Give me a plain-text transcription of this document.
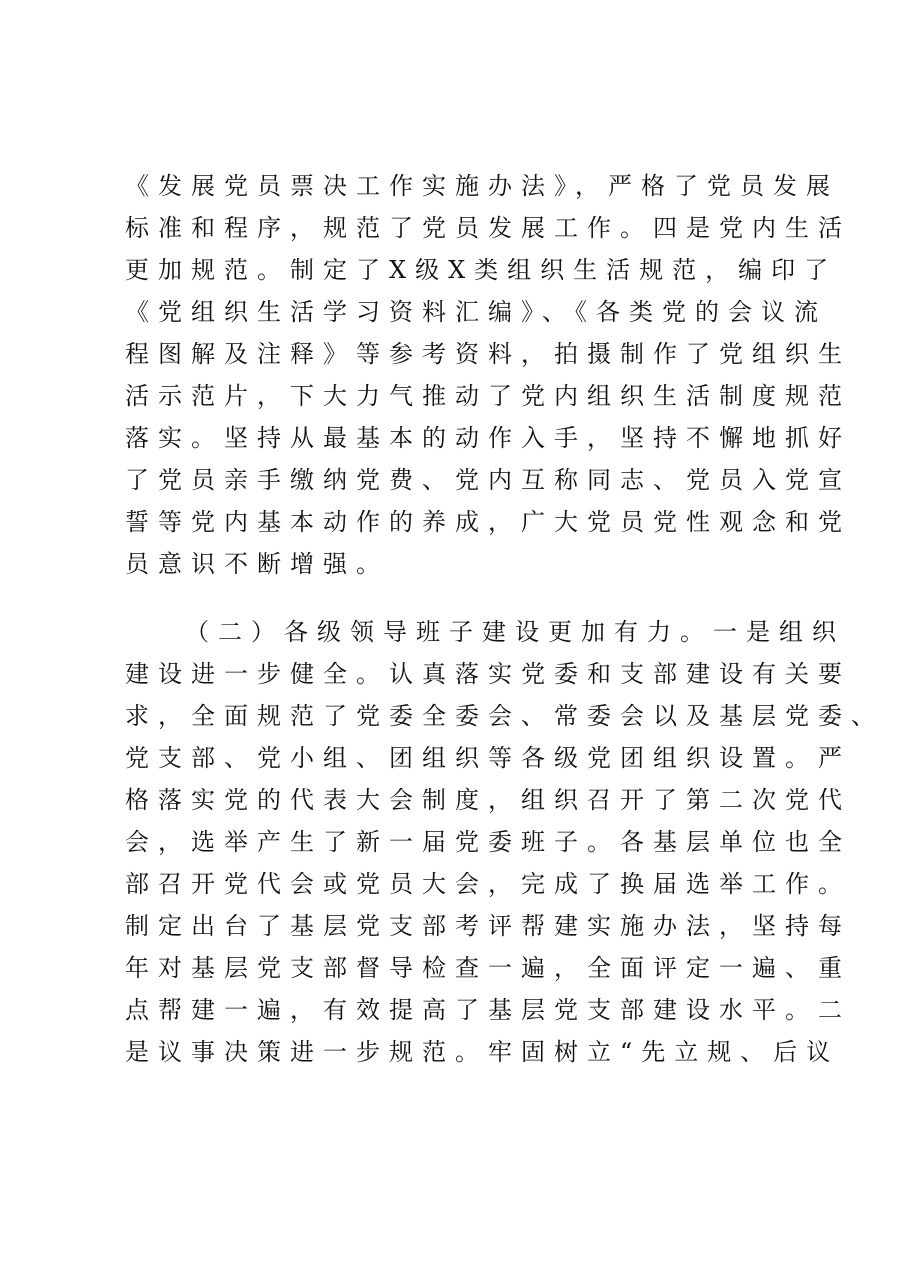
《发展党员票决工作实施办法》，严格了党员发展
标准和程序，规范了党员发展工作。四是党内生活
更加规范。制定了X级X类组织生活规范，编印了
《党组织生活学习资料汇编》、《各类党的会议流
程图解及注释》等参考资料，拍摄制作了党组织生
活示范片，下大力气推动了党内组织生活制度规范
落实。坚持从最基本的动作入手，坚持不懈地抓好
了党员亲手缴纳党费、党内互称同志、党员入党宣
誓等党内基本动作的养成，广大党员党性观念和党
员意识不断增强。
（二）各级领导班子建设更加有力。一是组织
建设进一步健全。认真落实党委和支部建设有关要
求，全面规范了党委全委会、常委会以及基层党委、
党支部、党小组、团组织等各级党团组织设置。严
格落实党的代表大会制度，组织召开了第二次党代
会，选举产生了新一届党委班子。各基层单位也全
部召开党代会或党员大会，完成了换届选举工作。
制定出台了基层党支部考评帮建实施办法，坚持每
年对基层党支部督导检查一遍，全面评定一遍、重
点帮建一遍，有效提高了基层党支部建设水平。二
是议事决策进一步规范。牢固树立“先立规、后议
